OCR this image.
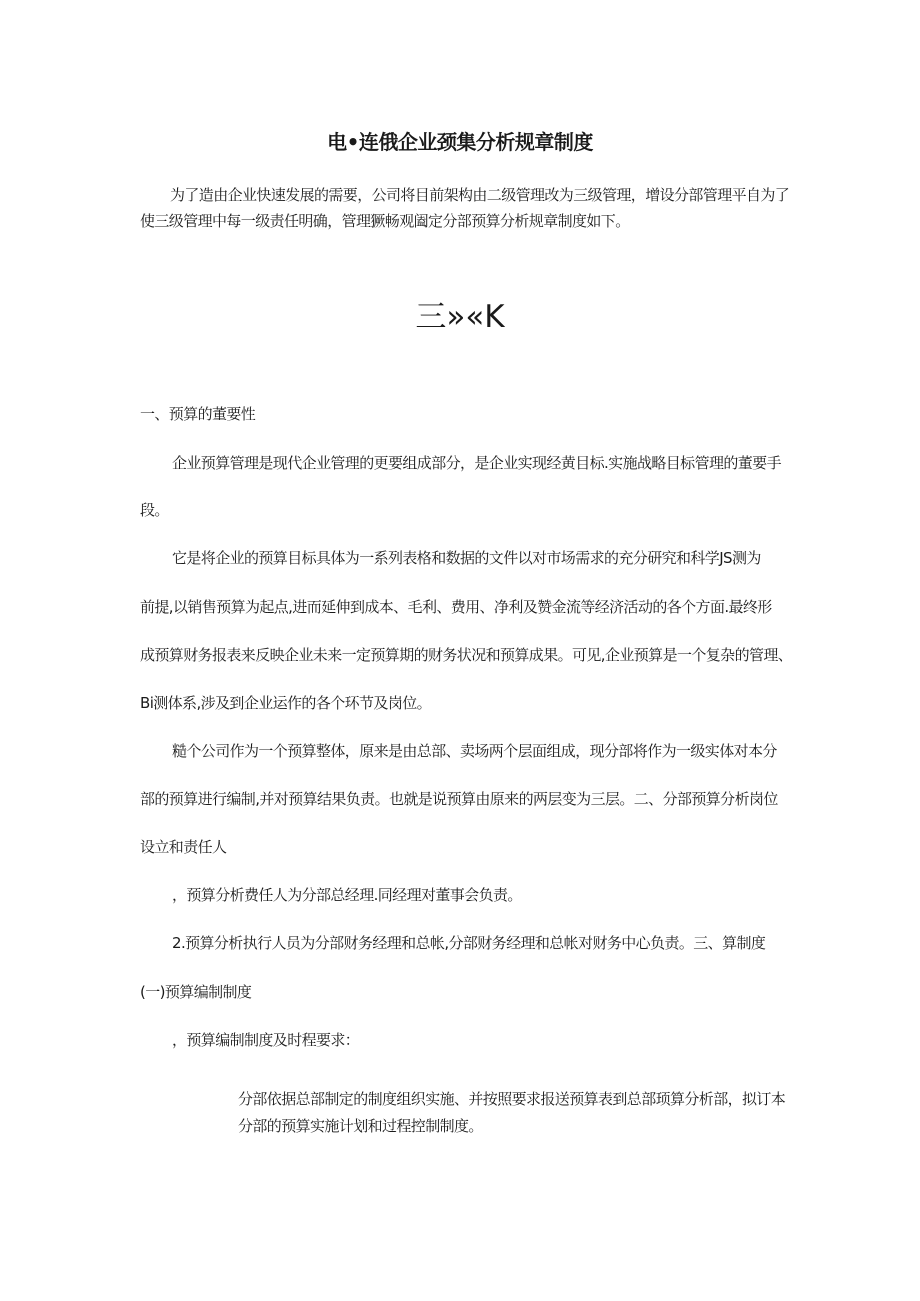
电•连俄企业颈集分析规章制度

为了造由企业快速发展的需要，公司将目前架构由二级管理改为三级管理，增设分部管理平自为了使三级管理中每一级责任明确，管理獗畅观阖定分部预算分析规章制度如下。

三»«K

一、预算的董要性

企业预算管理是现代企业管理的更要组成部分，是企业实现经黄目标.实施战略目标管理的董要手

段。

它是将企业的预算目标具体为一系列表格和数据的文件以对市场需求的充分研究和科学JS测为

前提,以销售预算为起点,进而延伸到成本、毛利、费用、净利及赞金流等经济活动的各个方面.最终形

成预算财务报表来反映企业未来一定预算期的财务状况和预算成果。可见,企业预算是一个复杂的管理、

Bi测体系,涉及到企业运作的各个环节及岗位。

糙个公司作为一个预算整体，原来是由总部、卖场两个层面组成，现分部将作为一级实体对本分

部的预算进行编制,并对预算结果负责。也就是说预算由原来的两层变为三层。二、分部预算分析岗位

设立和责任人

，预算分析费任人为分部总经理.同经理对董事会负责。

2.预算分析执行人员为分部财务经理和总帐,分部财务经理和总帐对财务中心负责。三、算制度

(一)预算编制制度

，预算编制制度及时程要求：

分部依据总部制定的制度组织实施、并按照要求报送预算表到总部顼算分析部，拟订本分部的预算实施计划和过程控制制度。
